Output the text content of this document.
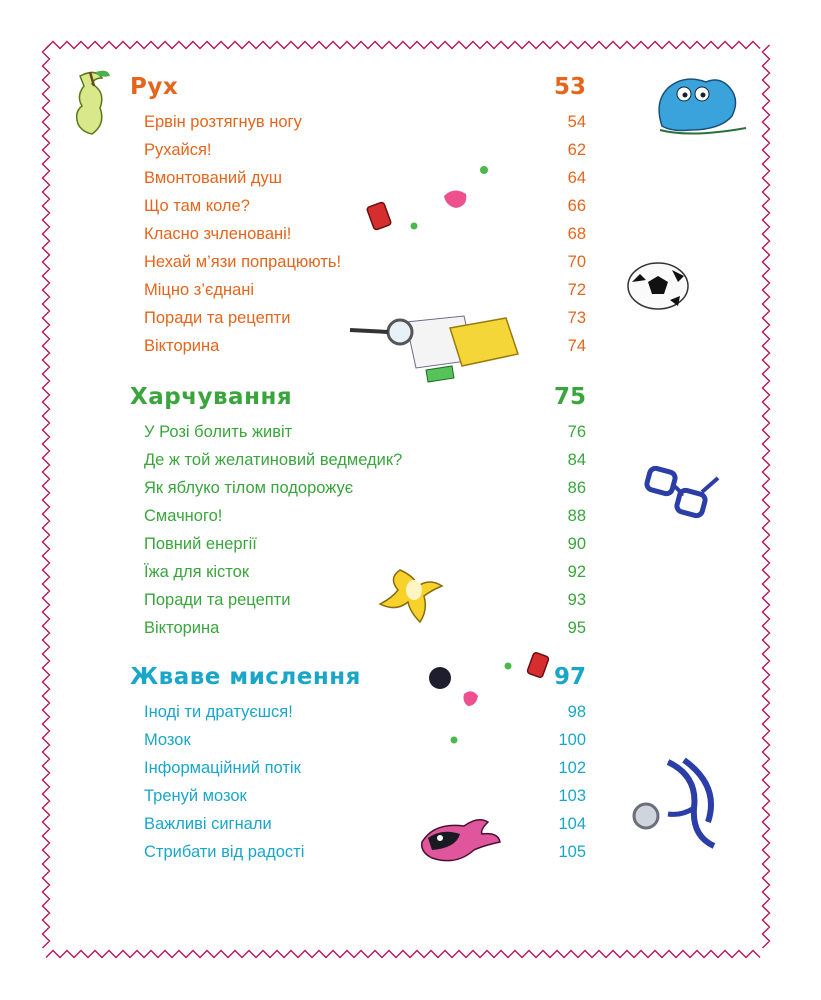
Рух	53
Ервін розтягнув ногу	54
Рухайся!	62
Вмонтований душ	64
Що там коле?	66
Класно зчленовані!	68
Нехай м’язи попрацюють!	70
Міцно з’єднані	72
Поради та рецепти	73
Вікторина	74
Харчування	75
У Розі болить живіт	76
Де ж той желатиновий ведмедик?	84
Як яблуко тілом подорожує	86
Смачного!	88
Повний енергії	90
Їжа для кісток	92
Поради та рецепти	93
Вікторина	95
Жваве мислення	97
Іноді ти дратуєшся!	98
Мозок	100
Інформаційний потік	102
Тренуй мозок	103
Важливі сигнали	104
Стрибати від радості	105
